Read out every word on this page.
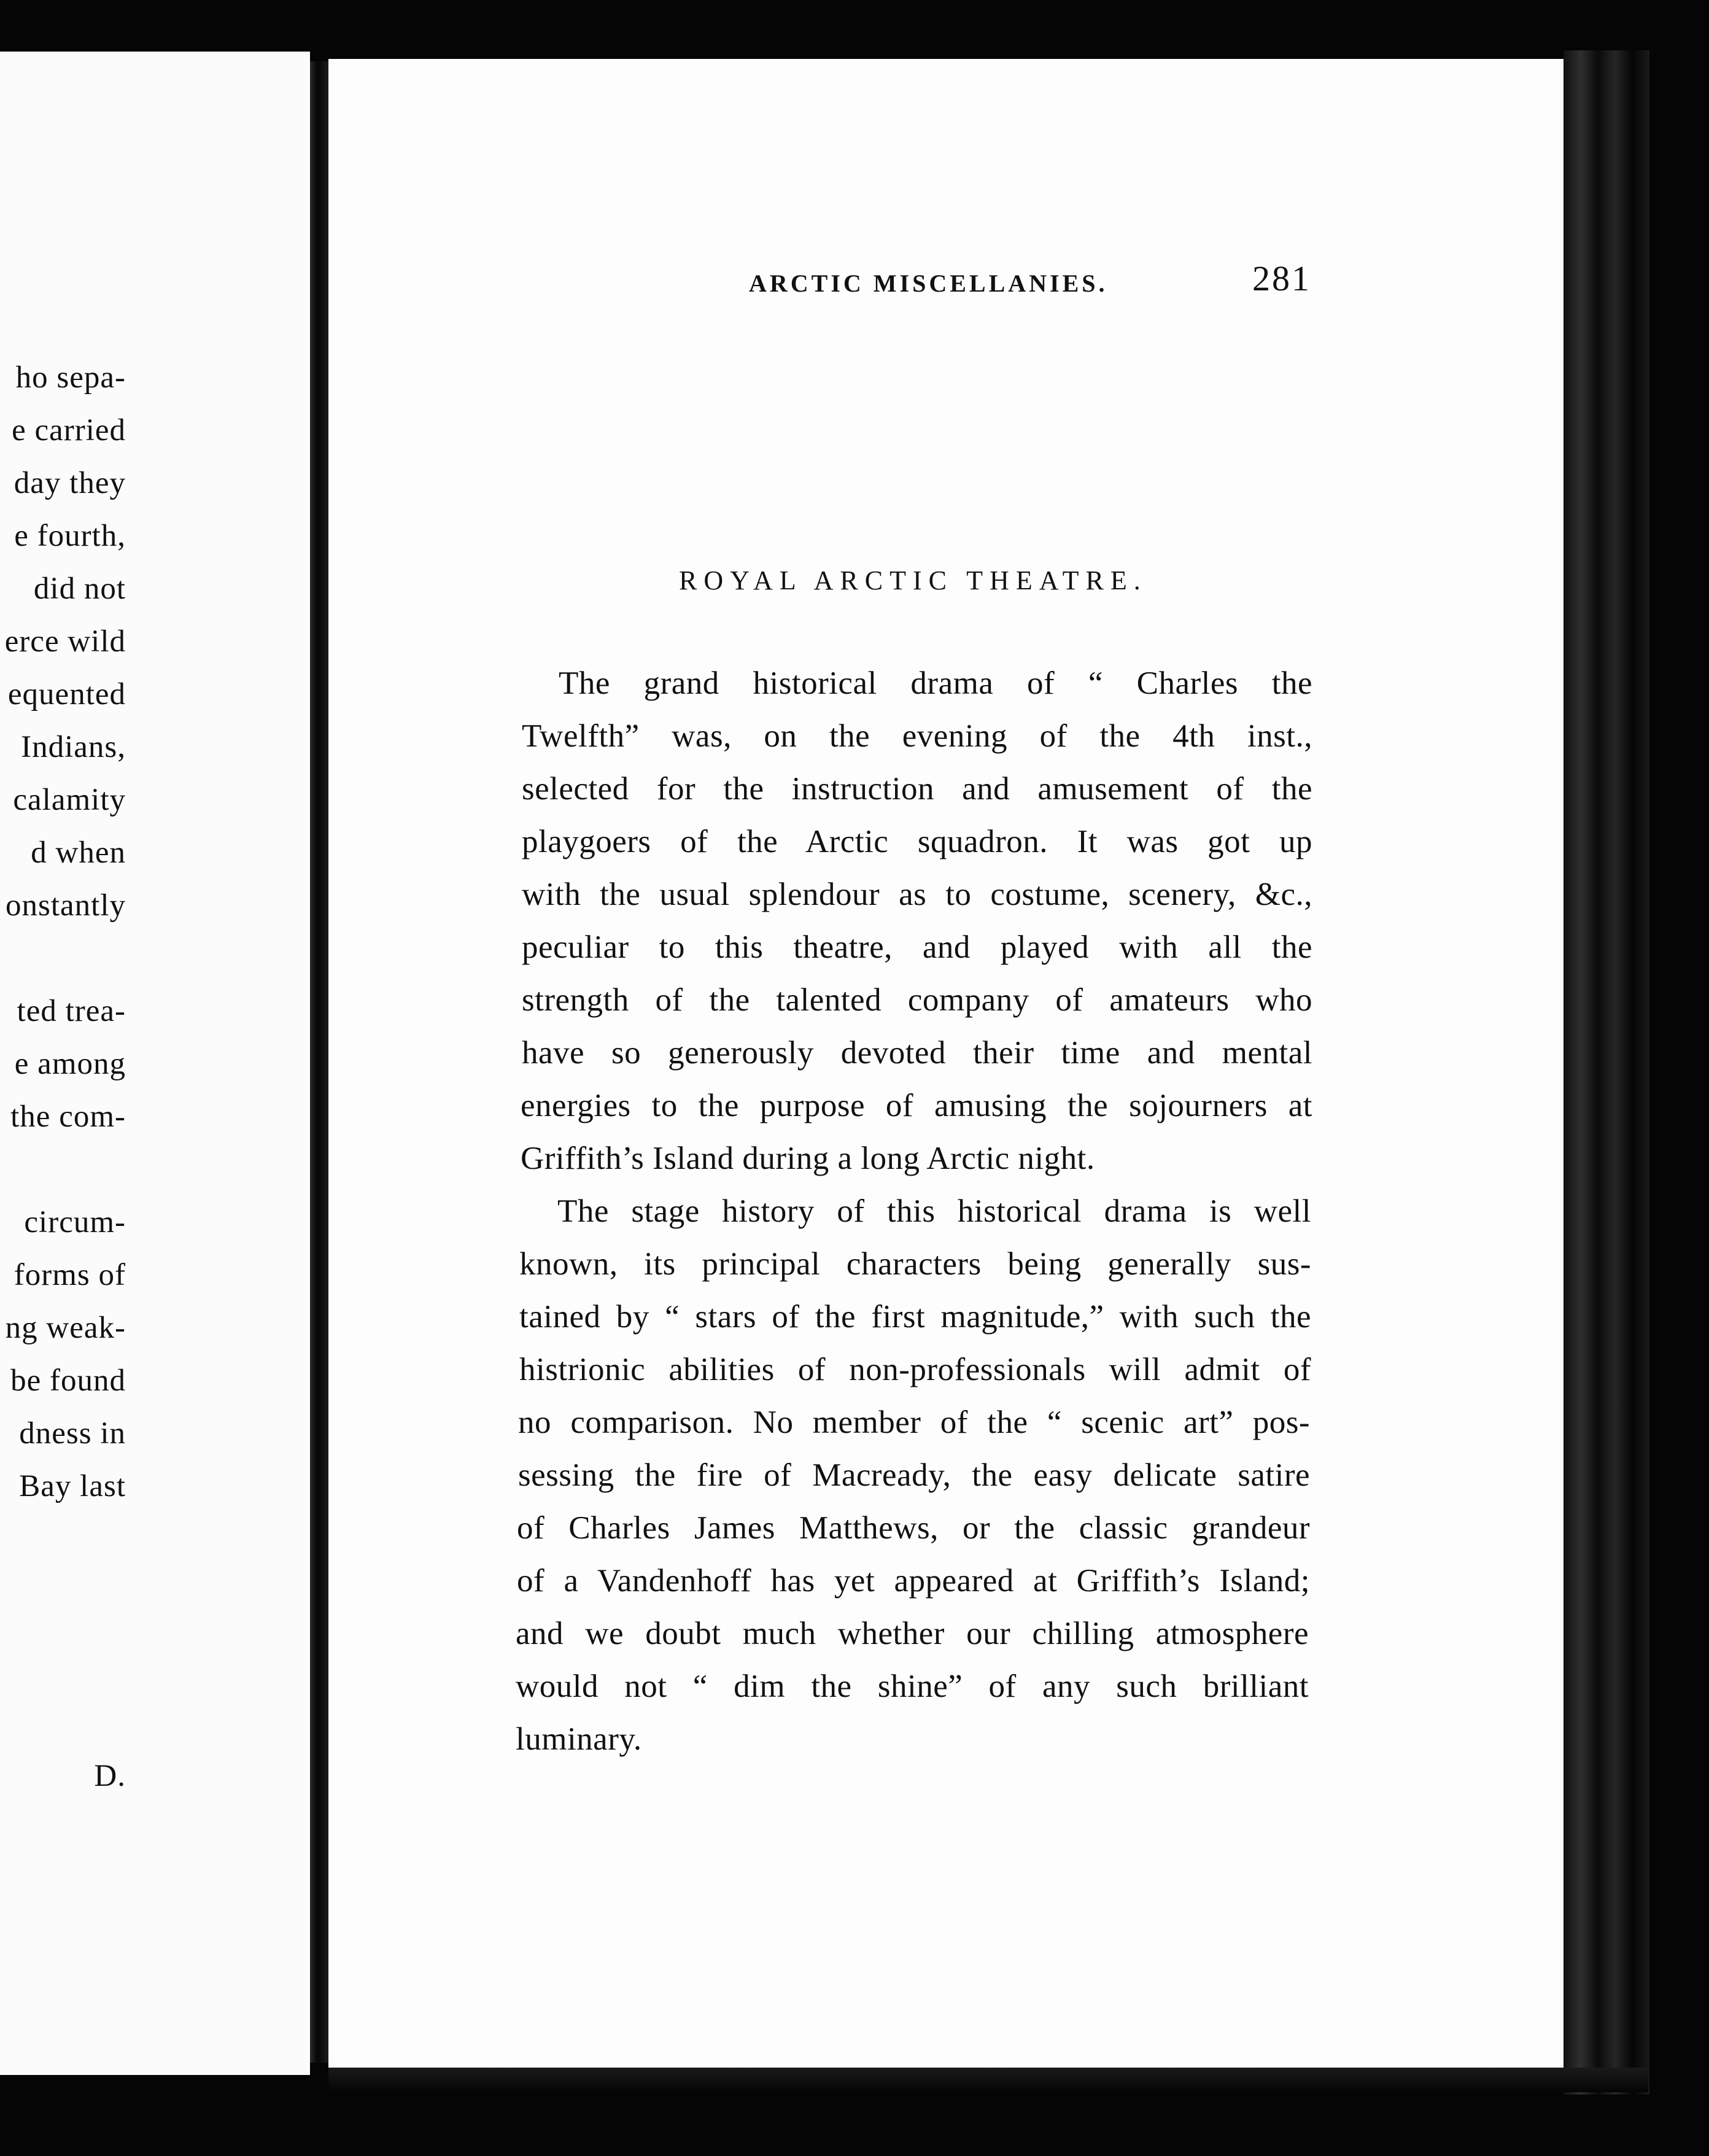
ho sepa-
e carried
day they
e fourth,
did not
erce wild
equented
Indians,
calamity
d when
onstantly
ted trea-
e among
the com-
circum-
forms of
ng weak-
be found
dness in
Bay last
D.
ARCTIC MISCELLANIES.	281
ROYAL ARCTIC THEATRE.
The grand historical drama of “ Charles the
Twelfth” was, on the evening of the 4th inst.,
selected for the instruction and amusement of the
playgoers of the Arctic squadron. It was got up
with the usual splendour as to costume, scenery, &c.,
peculiar to this theatre, and played with all the
strength of the talented company of amateurs who
have so generously devoted their time and mental
energies to the purpose of amusing the sojourners at
Griffith’s Island during a long Arctic night.
The stage history of this historical drama is well
known, its principal characters being generally sus-
tained by “ stars of the first magnitude,” with such the
histrionic abilities of non-professionals will admit of
no comparison. No member of the “ scenic art” pos-
sessing the fire of Macready, the easy delicate satire
of Charles James Matthews, or the classic grandeur
of a Vandenhoff has yet appeared at Griffith’s Island;
and we doubt much whether our chilling atmosphere
would not “ dim the shine” of any such brilliant
luminary.
